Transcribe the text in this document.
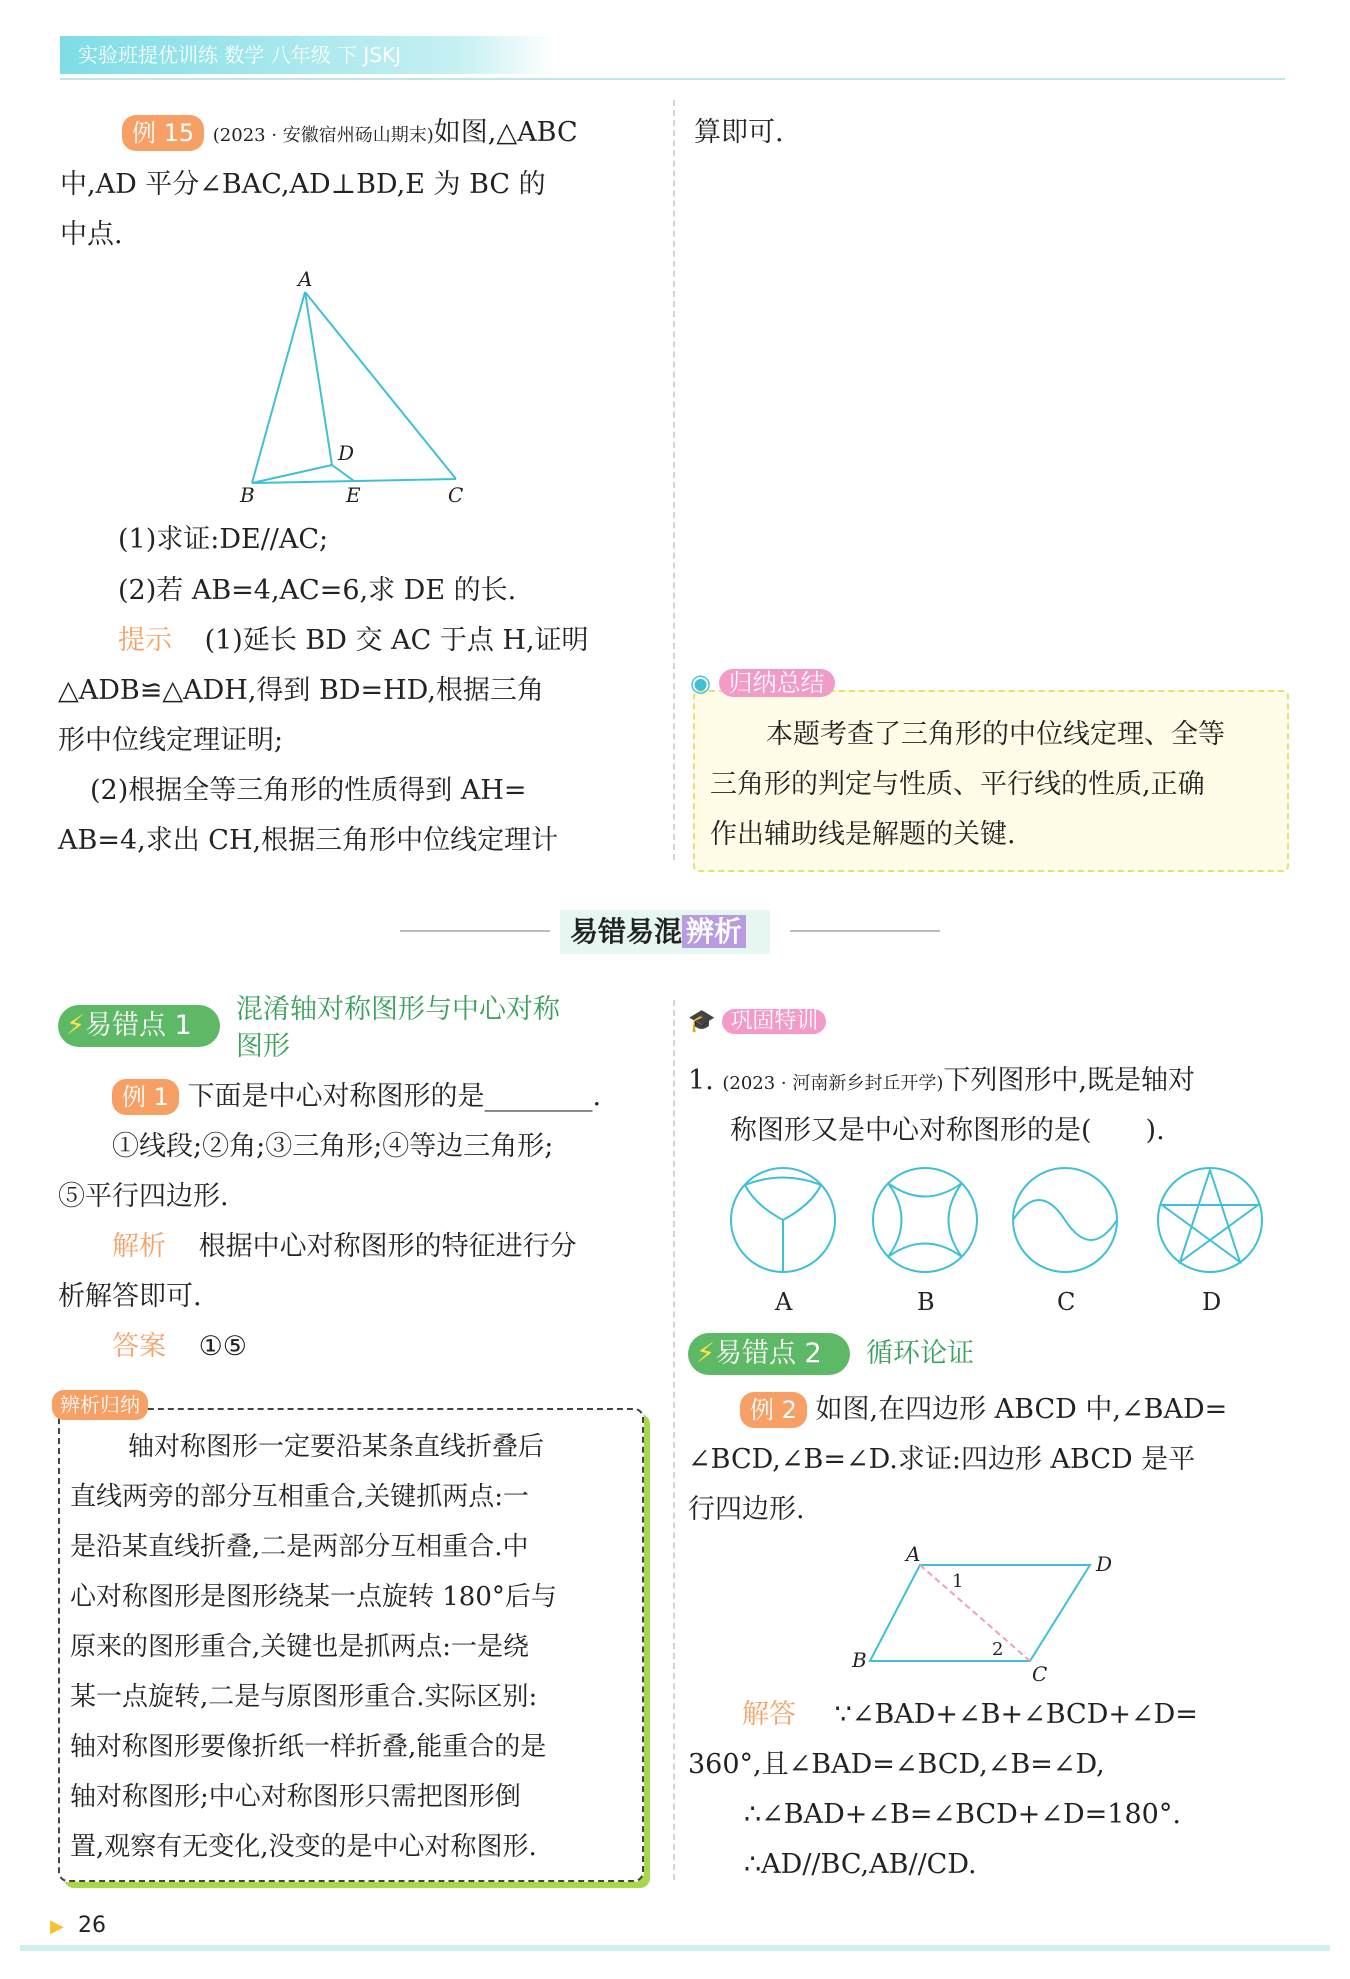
实验班提优训练 数学 八年级 下 JSKJ
例 15 (2023 · 安徽宿州砀山期末)如图,△ABC
中,AD 平分∠BAC,AD⊥BD,E 为 BC 的
中点.
A
B	C
D
E
(1)求证:DE//AC;
(2)若 AB=4,AC=6,求 DE 的长.
提示 (1)延长 BD 交 AC 于点 H,证明
△ADB≌△ADH,得到 BD=HD,根据三角
形中位线定理证明;
(2)根据全等三角形的性质得到 AH=
AB=4,求出 CH,根据三角形中位线定理计
算即可.
◉ 归纳总结
本题考查了三角形的中位线定理、全等
三角形的判定与性质、平行线的性质,正确
作出辅助线是解题的关键.
易错易混 辨析
⚡易错点 1
混淆轴对称图形与中心对称
图形
例 1 下面是中心对称图形的是________.
①线段;②角;③三角形;④等边三角形;
⑤平行四边形.
解析 根据中心对称图形的特征进行分
析解答即可.
答案 ①⑤
辨析归纳
轴对称图形一定要沿某条直线折叠后
直线两旁的部分互相重合,关键抓两点:一
是沿某直线折叠,二是两部分互相重合.中
心对称图形是图形绕某一点旋转 180°后与
原来的图形重合,关键也是抓两点:一是绕
某一点旋转,二是与原图形重合.实际区别:
轴对称图形要像折纸一样折叠,能重合的是
轴对称图形;中心对称图形只需把图形倒
置,观察有无变化,没变的是中心对称图形.
🎓 巩固特训
1. (2023 · 河南新乡封丘开学)下列图形中,既是轴对
称图形又是中心对称图形的是(　　).
A	B	C	D
⚡易错点 2 循环论证
例 2 如图,在四边形 ABCD 中,∠BAD=
∠BCD,∠B=∠D.求证:四边形 ABCD 是平
行四边形.
A	D
B
C
1
2
解答 ∵∠BAD+∠B+∠BCD+∠D=
360°,且∠BAD=∠BCD,∠B=∠D,
∴∠BAD+∠B=∠BCD+∠D=180°.
∴AD//BC,AB//CD.
▶ 26
